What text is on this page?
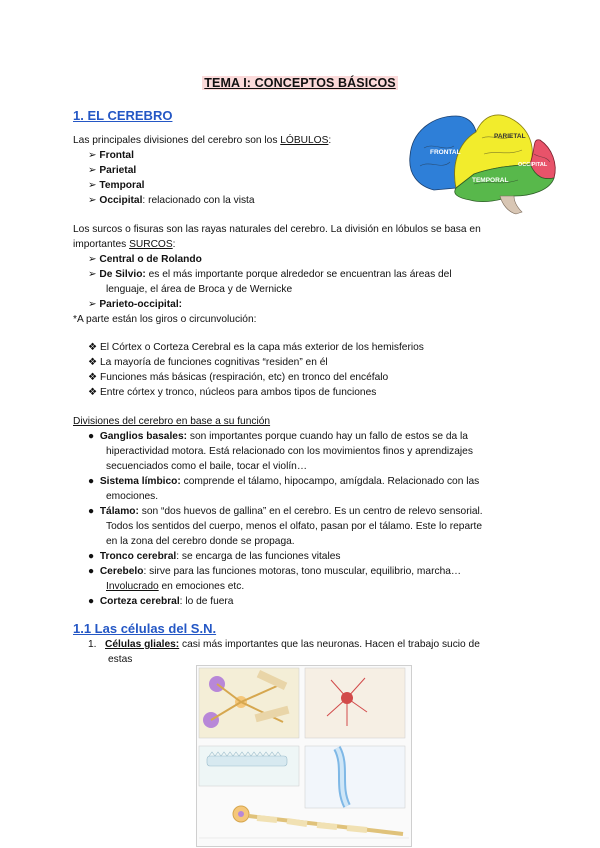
TEMA I: CONCEPTOS BÁSICOS
1. EL CEREBRO
FRONTAL
PARIETAL
OCCIPITAL
TEMPORAL
Las principales divisiones del cerebro son los LÓBULOS:
➢ Frontal
➢ Parietal
➢ Temporal
➢ Occipital: relacionado con la vista
Los surcos o fisuras son las rayas naturales del cerebro. La división en lóbulos se basa en
importantes SURCOS:
➢ Central o de Rolando
➢ De Silvio: es el más importante porque alrededor se encuentran las áreas del
lenguaje, el área de Broca y de Wernicke
➢ Parieto-occipital:
*A parte están los giros o circunvolución:
❖ El Córtex o Corteza Cerebral es la capa más exterior de los hemisferios
❖ La mayoría de funciones cognitivas “residen” en él
❖ Funciones más básicas (respiración, etc) en tronco del encéfalo
❖ Entre córtex y tronco, núcleos para ambos tipos de funciones
Divisiones del cerebro en base a su función
● Ganglios basales: son importantes porque cuando hay un fallo de estos se da la
hiperactividad motora. Está relacionado con los movimientos finos y aprendizajes
secuenciados como el baile, tocar el violín…
● Sistema límbico: comprende el tálamo, hipocampo, amígdala. Relacionado con las
emociones.
● Tálamo: son “dos huevos de gallina” en el cerebro. Es un centro de relevo sensorial.
Todos los sentidos del cuerpo, menos el olfato, pasan por el tálamo. Este lo reparte
en la zona del cerebro donde se propaga.
● Tronco cerebral: se encarga de las funciones vitales
● Cerebelo: sirve para las funciones motoras, tono muscular, equilibrio, marcha…
Involucrado en emociones etc.
● Corteza cerebral: lo de fuera
1.1 Las células del S.N.
1. Células gliales: casi más importantes que las neuronas. Hacen el trabajo sucio de
estas
